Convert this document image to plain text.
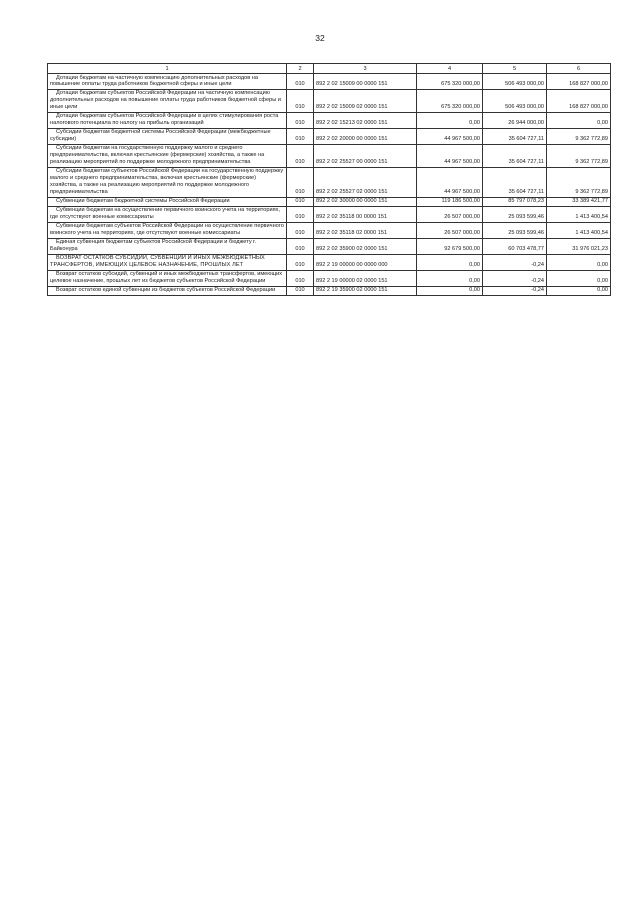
32
1	2	3	4	5	6
Дотации бюджетам на частичную компенсацию дополнительных расходов на повышение оплаты труда работников бюджетной сферы и иные цели	010	892 2 02 15009 00 0000 151	675 320 000,00	506 493 000,00	168 827 000,00
Дотации бюджетам субъектов Российской Федерации на частичную компенсацию дополнительных расходов на повышение оплаты труда работников бюджетной сферы и иные цели	010	892 2 02 15009 02 0000 151	675 320 000,00	506 493 000,00	168 827 000,00
Дотации бюджетам субъектов Российской Федерации в целях стимулирования роста налогового потенциала по налогу на прибыль организаций	010	892 2 02 15213 02 0000 151	0,00	26 944 000,00	0,00
Субсидии бюджетам бюджетной системы Российской Федерации (межбюджетные субсидии)	010	892 2 02 20000 00 0000 151	44 967 500,00	35 604 727,11	9 362 772,89
Субсидии бюджетам на государственную поддержку малого и среднего предпринимательства, включая крестьянские (фермерские) хозяйства, а также на реализацию мероприятий по поддержке молодежного предпринимательства	010	892 2 02 25527 00 0000 151	44 967 500,00	35 604 727,11	9 362 772,89
Субсидии бюджетам субъектов Российской Федерации на государственную поддержку малого и среднего предпринимательства, включая крестьянские (фермерские) хозяйства, а также на реализацию мероприятий по поддержке молодежного предпринимательства	010	892 2 02 25527 02 0000 151	44 967 500,00	35 604 727,11	9 362 772,89
Субвенции бюджетам бюджетной системы Российской Федерации	010	892 2 02 30000 00 0000 151	119 186 500,00	85 797 078,23	33 389 421,77
Субвенции бюджетам на осуществление первичного воинского учета на территориях, где отсутствуют военные комиссариаты	010	892 2 02 35118 00 0000 151	26 507 000,00	25 093 599,46	1 413 400,54
Субвенции бюджетам субъектов Российской Федерации на осуществление первичного воинского учета на территориях, где отсутствуют военные комиссариаты	010	892 2 02 35118 02 0000 151	26 507 000,00	25 093 599,46	1 413 400,54
Единая субвенция бюджетам субъектов Российской Федерации и бюджету г. Байконура	010	892 2 02 35900 02 0000 151	92 679 500,00	60 703 478,77	31 976 021,23
ВОЗВРАТ ОСТАТКОВ СУБСИДИЙ, СУБВЕНЦИЙ И ИНЫХ МЕЖБЮДЖЕТНЫХ ТРАНСФЕРТОВ, ИМЕЮЩИХ ЦЕЛЕВОЕ НАЗНАЧЕНИЕ, ПРОШЛЫХ ЛЕТ	010	892 2 19 00000 00 0000 000	0,00	-0,24	0,00
Возврат остатков субсидий, субвенций и иных межбюджетных трансфертов, имеющих целевое назначение, прошлых лет из бюджетов субъектов Российской Федерации	010	892 2 19 00000 02 0000 151	0,00	-0,24	0,00
Возврат остатков единой субвенции из бюджетов субъектов Российской Федерации	010	892 2 19 35900 02 0000 151	0,00	-0,24	0,00
